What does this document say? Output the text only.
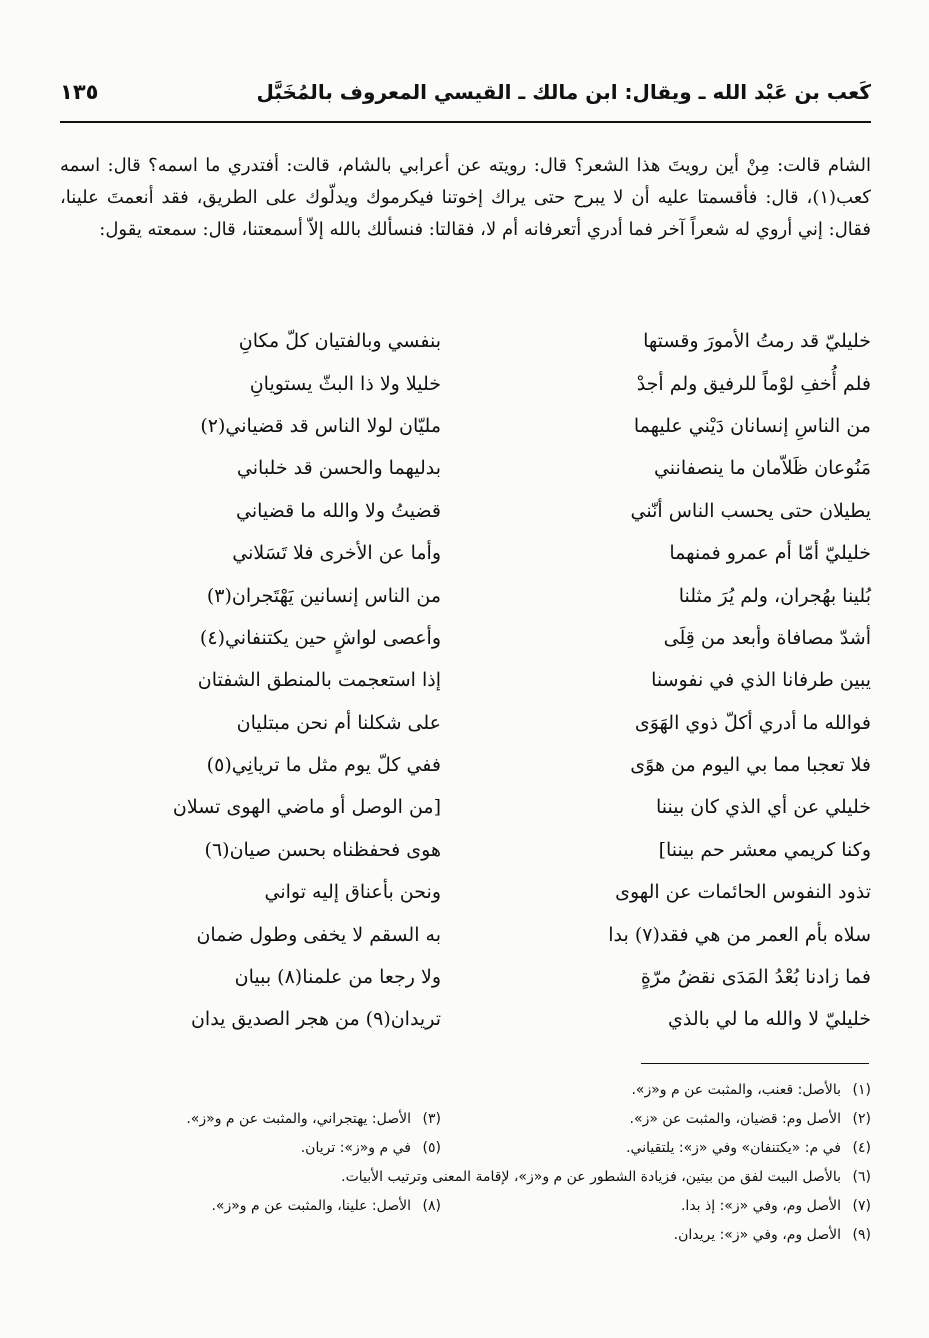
كَعب بن عَبْد الله ـ ويقال: ابن مالك ـ القيسي المعروف بالمُخَبَّل
١٣٥
الشام قالت: مِنْ أين رويتَ هذا الشعر؟ قال: رويته عن أعرابي بالشام، قالت: أفتدري ما اسمه؟ قال: اسمه كعب(١)، قال: فأقسمتا عليه أن لا يبرح حتى يراك إخوتنا فيكرموك ويدلّوك على الطريق، فقد أنعمتَ علينا، فقال: إني أروي له شعراً آخر فما أدري أتعرفانه أم لا، فقالتا: فنسألك بالله إلاّ أسمعتنا، قال: سمعته يقول:
خليليّ قد رمتُ الأمورَ وقستها
بنفسي وبالفتيان كلّ مكانِ
فلم أُخفِ لوْماً للرفيق ولم أجدْ
خليلا ولا ذا البثّ يستويانِ
من الناسِ إنسانان دَيْني عليهما
مليّان لولا الناس قد قضياني(٢)
مَنُوعان ظَلاّمان ما ينصفانني
بدليهما والحسن قد خلباني
يطيلان حتى يحسب الناس أنّني
قضيتُ ولا والله ما قضياني
خليليّ أمّا أم عمرو فمنهما
وأما عن الأخرى فلا تَسَلاني
بُلينا بهُجران، ولم يُرَ مثلنا
من الناس إنسانين يَهْتَجران(٣)
أشدّ مصافاة وأبعد من قِلَى
وأعصى لواشٍ حين يكتنفاني(٤)
يبين طرفانا الذي في نفوسنا
إذا استعجمت بالمنطق الشفتان
فوالله ما أدري أكلّ ذوي الهَوَى
على شكلنا أم نحن مبتليان
فلا تعجبا مما بي اليوم من هوًى
ففي كلّ يوم مثل ما تريانِي(٥)
خليلي عن أي الذي كان بيننا
[من الوصل أو ماضي الهوى تسلان
وكنا كريمي معشر حم بيننا]
هوى فحفظناه بحسن صيان(٦)
تذود النفوس الحائمات عن الهوى
ونحن بأعناق إليه تواني
سلاه بأم العمر من هي فقد(٧) بدا
به السقم لا يخفى وطول ضمان
فما زادنا بُعْدُ المَدَى نقضُ مرّةٍ
ولا رجعا من علمنا(٨) ببيان
خليليّ لا والله ما لي بالذي
تريدان(٩) من هجر الصديق يدان
(١)بالأصل: قعنب، والمثبت عن م و«ز».
(٢)الأصل وم: قضيان، والمثبت عن «ز».
(٣)الأصل: يهتجراني، والمثبت عن م و«ز».
(٤)في م: «يكتنفان» وفي «ز»: يلتقياني.
(٥)في م و«ز»: تريان.
(٦)بالأصل البيت لفق من بيتين، فزيادة الشطور عن م و«ز»، لإقامة المعنى وترتيب الأبيات.
(٧)الأصل وم، وفي «ز»: إذ بدا.
(٨)الأصل: علينا، والمثبت عن م و«ز».
(٩)الأصل وم، وفي «ز»: يريدان.
